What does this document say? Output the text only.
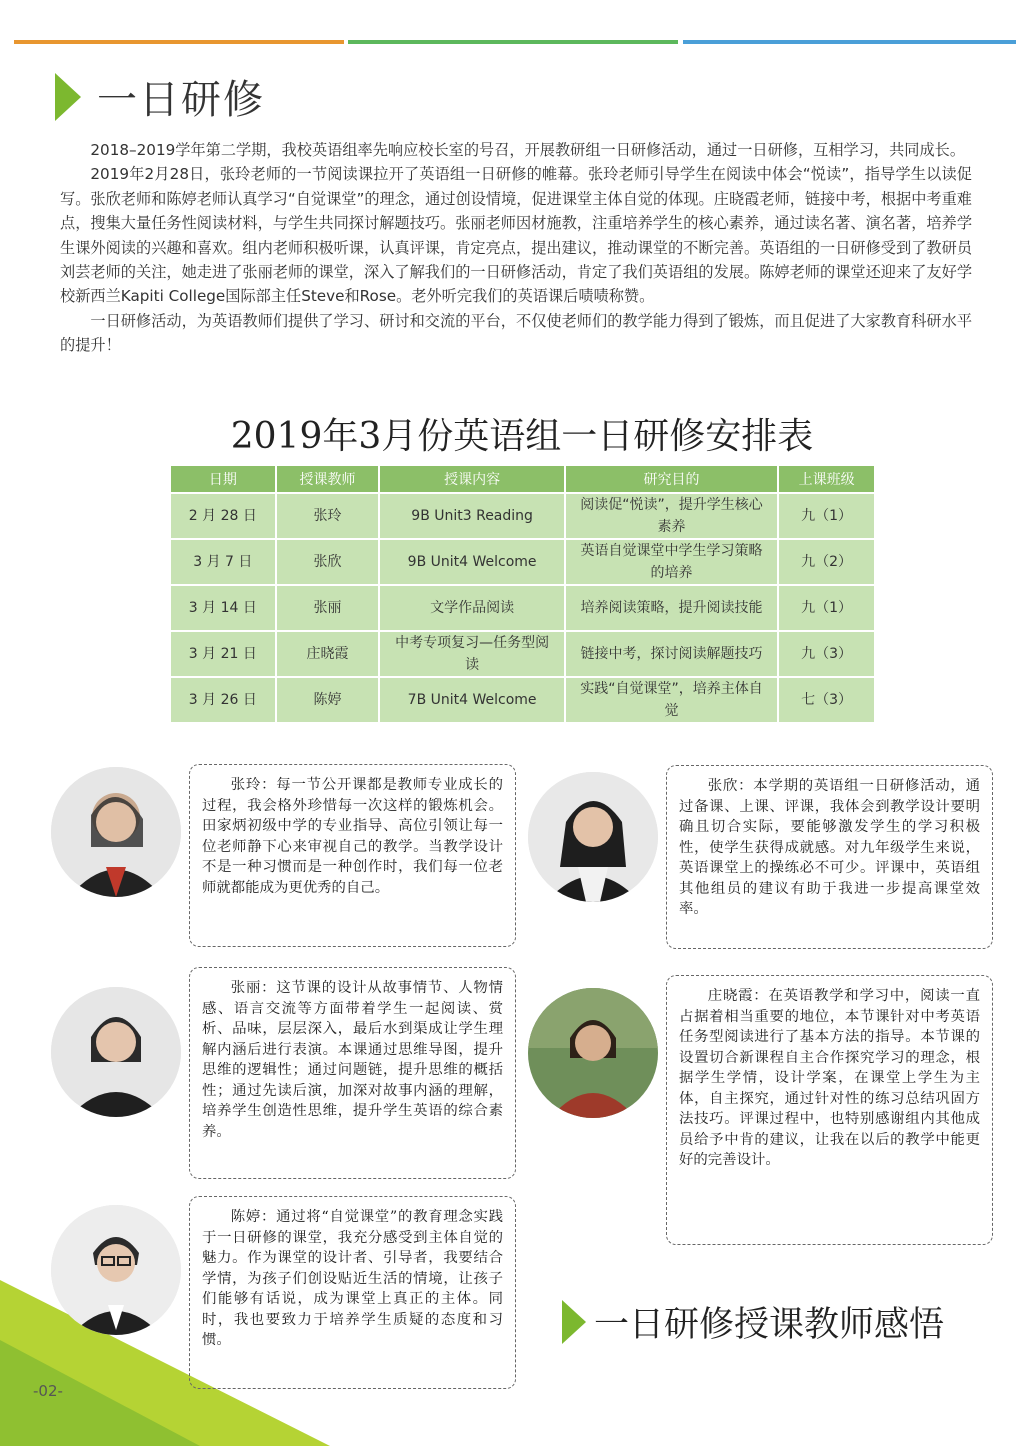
一日研修

2018–2019学年第二学期，我校英语组率先响应校长室的号召，开展教研组一日研修活动，通过一日研修，互相学习，共同成长。

2019年2月28日，张玲老师的一节阅读课拉开了英语组一日研修的帷幕。张玲老师引导学生在阅读中体会“悦读”，指导学生以读促写。张欣老师和陈婷老师认真学习“自觉课堂”的理念，通过创设情境，促进课堂主体自觉的体现。庄晓霞老师，链接中考，根据中考重难点，搜集大量任务性阅读材料，与学生共同探讨解题技巧。张丽老师因材施教，注重培养学生的核心素养，通过读名著、演名著，培养学生课外阅读的兴趣和喜欢。组内老师积极听课，认真评课，肯定亮点，提出建议，推动课堂的不断完善。英语组的一日研修受到了教研员刘芸老师的关注，她走进了张丽老师的课堂，深入了解我们的一日研修活动，肯定了我们英语组的发展。陈婷老师的课堂还迎来了友好学校新西兰Kapiti College国际部主任Steve和Rose。老外听完我们的英语课后啧啧称赞。

一日研修活动，为英语教师们提供了学习、研讨和交流的平台，不仅使老师们的教学能力得到了锻炼，而且促进了大家教育科研水平的提升！

2019年3月份英语组一日研修安排表
日期	授课教师	授课内容	研究目的	上课班级
2 月 28 日	张玲	9B Unit3 Reading	阅读促“悦读”，提升学生核心素养	九（1）
3 月 7 日	张欣	9B Unit4 Welcome	英语自觉课堂中学生学习策略的培养	九（2）
3 月 14 日	张丽	文学作品阅读	培养阅读策略，提升阅读技能	九（1）
3 月 21 日	庄晓霞	中考专项复习—任务型阅读	链接中考，探讨阅读解题技巧	九（3）
3 月 26 日	陈婷	7B Unit4 Welcome	实践“自觉课堂”，培养主体自觉	七（3）

张玲：每一节公开课都是教师专业成长的过程，我会格外珍惜每一次这样的锻炼机会。田家炳初级中学的专业指导、高位引领让每一位老师静下心来审视自己的教学。当教学设计不是一种习惯而是一种创作时，我们每一位老师就都能成为更优秀的自己。

张欣：本学期的英语组一日研修活动，通过备课、上课、评课，我体会到教学设计要明确且切合实际，要能够激发学生的学习积极性，使学生获得成就感。对九年级学生来说，英语课堂上的操练必不可少。评课中，英语组其他组员的建议有助于我进一步提高课堂效率。

张丽：这节课的设计从故事情节、人物情感、语言交流等方面带着学生一起阅读、赏析、品味，层层深入，最后水到渠成让学生理解内涵后进行表演。本课通过思维导图，提升思维的逻辑性；通过问题链，提升思维的概括性；通过先读后演，加深对故事内涵的理解，培养学生创造性思维，提升学生英语的综合素养。

庄晓霞：在英语教学和学习中，阅读一直占据着相当重要的地位，本节课针对中考英语任务型阅读进行了基本方法的指导。本节课的设置切合新课程自主合作探究学习的理念，根据学生学情，设计学案，在课堂上学生为主体，自主探究，通过针对性的练习总结巩固方法技巧。评课过程中，也特别感谢组内其他成员给予中肯的建议，让我在以后的教学中能更好的完善设计。

陈婷：通过将“自觉课堂”的教育理念实践于一日研修的课堂，我充分感受到主体自觉的魅力。作为课堂的设计者、引导者，我要结合学情，为孩子们创设贴近生活的情境，让孩子们能够有话说，成为课堂上真正的主体。同时，我也要致力于培养学生质疑的态度和习惯。	一日研修授课教师感悟
-02-
